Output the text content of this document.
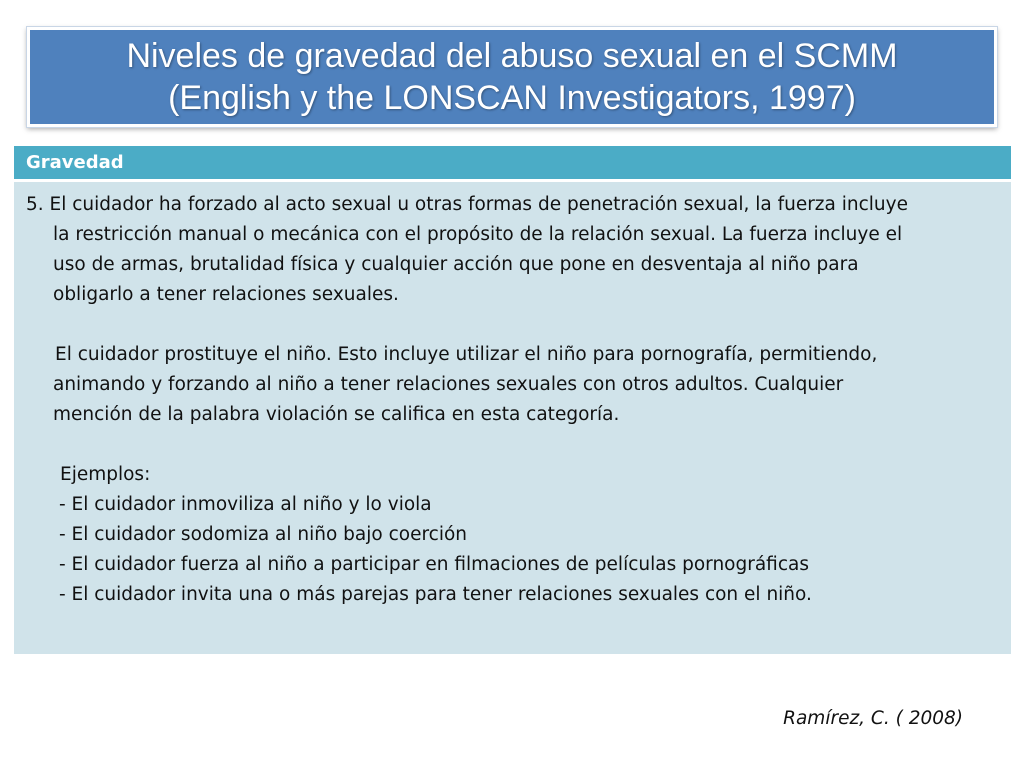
Niveles de gravedad del abuso sexual en el SCMM
(English y the LONSCAN Investigators, 1997)
Gravedad

5. El cuidador ha forzado al acto sexual u otras formas de penetración sexual, la fuerza incluye
la restricción manual o mecánica con el propósito de la relación sexual. La fuerza incluye el
uso de armas, brutalidad física y cualquier acción que pone en desventaja al niño para
obligarlo a tener relaciones sexuales.

El cuidador prostituye el niño. Esto incluye utilizar el niño para pornografía, permitiendo,
animando y forzando al niño a tener relaciones sexuales con otros adultos. Cualquier
mención de la palabra violación se califica en esta categoría.

Ejemplos:
- El cuidador inmoviliza al niño y lo viola
- El cuidador sodomiza al niño bajo coerción
- El cuidador fuerza al niño a participar en filmaciones de películas pornográficas
- El cuidador invita una o más parejas para tener relaciones sexuales con el niño.

Ramírez, C. ( 2008)
